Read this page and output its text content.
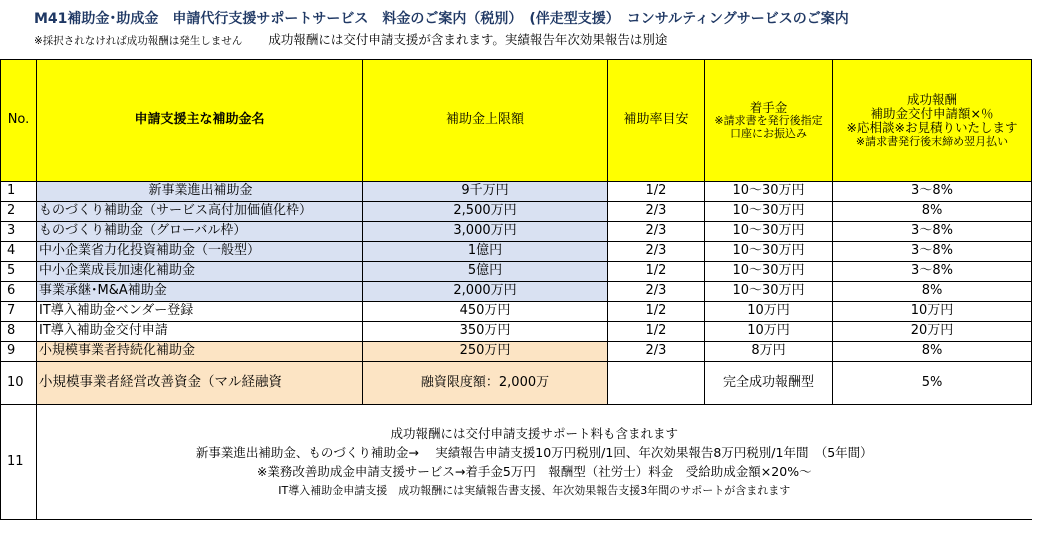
M41補助金･助成金　申請代行支援サポートサービス　料金のご案内（税別）　(伴走型支援）　コンサルティングサービスのご案内
※採択されなければ成功報酬は発生しません 成功報酬には交付申請支援が含まれます。実績報告年次効果報告は別途
No.	申請支援主な補助金名	補助金上限額	補助率目安	着手金
※請求書を発行後指定
口座にお振込み	成功報酬
補助金交付申請額×％
※応相談※お見積りいたします
※請求書発行後末締め翌月払い

1	新事業進出補助金	9千万円	1/2	10～30万円	3～8%
2	ものづくり補助金（サービス高付加価値化枠）	2,500万円	2/3	10～30万円	8%
3	ものづくり補助金（グローバル枠）	3,000万円	2/3	10～30万円	3～8%
4	中小企業省力化投資補助金（一般型）	1億円	2/3	10～30万円	3～8%
5	中小企業成長加速化補助金	5億円	1/2	10～30万円	3～8%
6	事業承継･M&A補助金	2,000万円	2/3	10～30万円	8%
7	IT導入補助金ベンダー登録	450万円	1/2	10万円	10万円
8	IT導入補助金交付申請	350万円	1/2	10万円	20万円
9	小規模事業者持続化補助金	250万円	2/3	8万円	8%
10	小規模事業者経営改善資金（マル経融資	融資限度額：2,000万		完全成功報酬型	5%
11	成功報酬には交付申請支援サポート料も含まれます
新事業進出補助金、ものづくり補助金→　 実績報告申請支援10万円税別/1回、年次効果報告8万円税別/1年間　（5年間）
※業務改善助成金申請支援サービス→着手金5万円　報酬型（社労士）料金　受給助成金額×20%～
IT導入補助金申請支援　成功報酬には実績報告書支援、年次効果報告支援3年間のサポートが含まれます				
